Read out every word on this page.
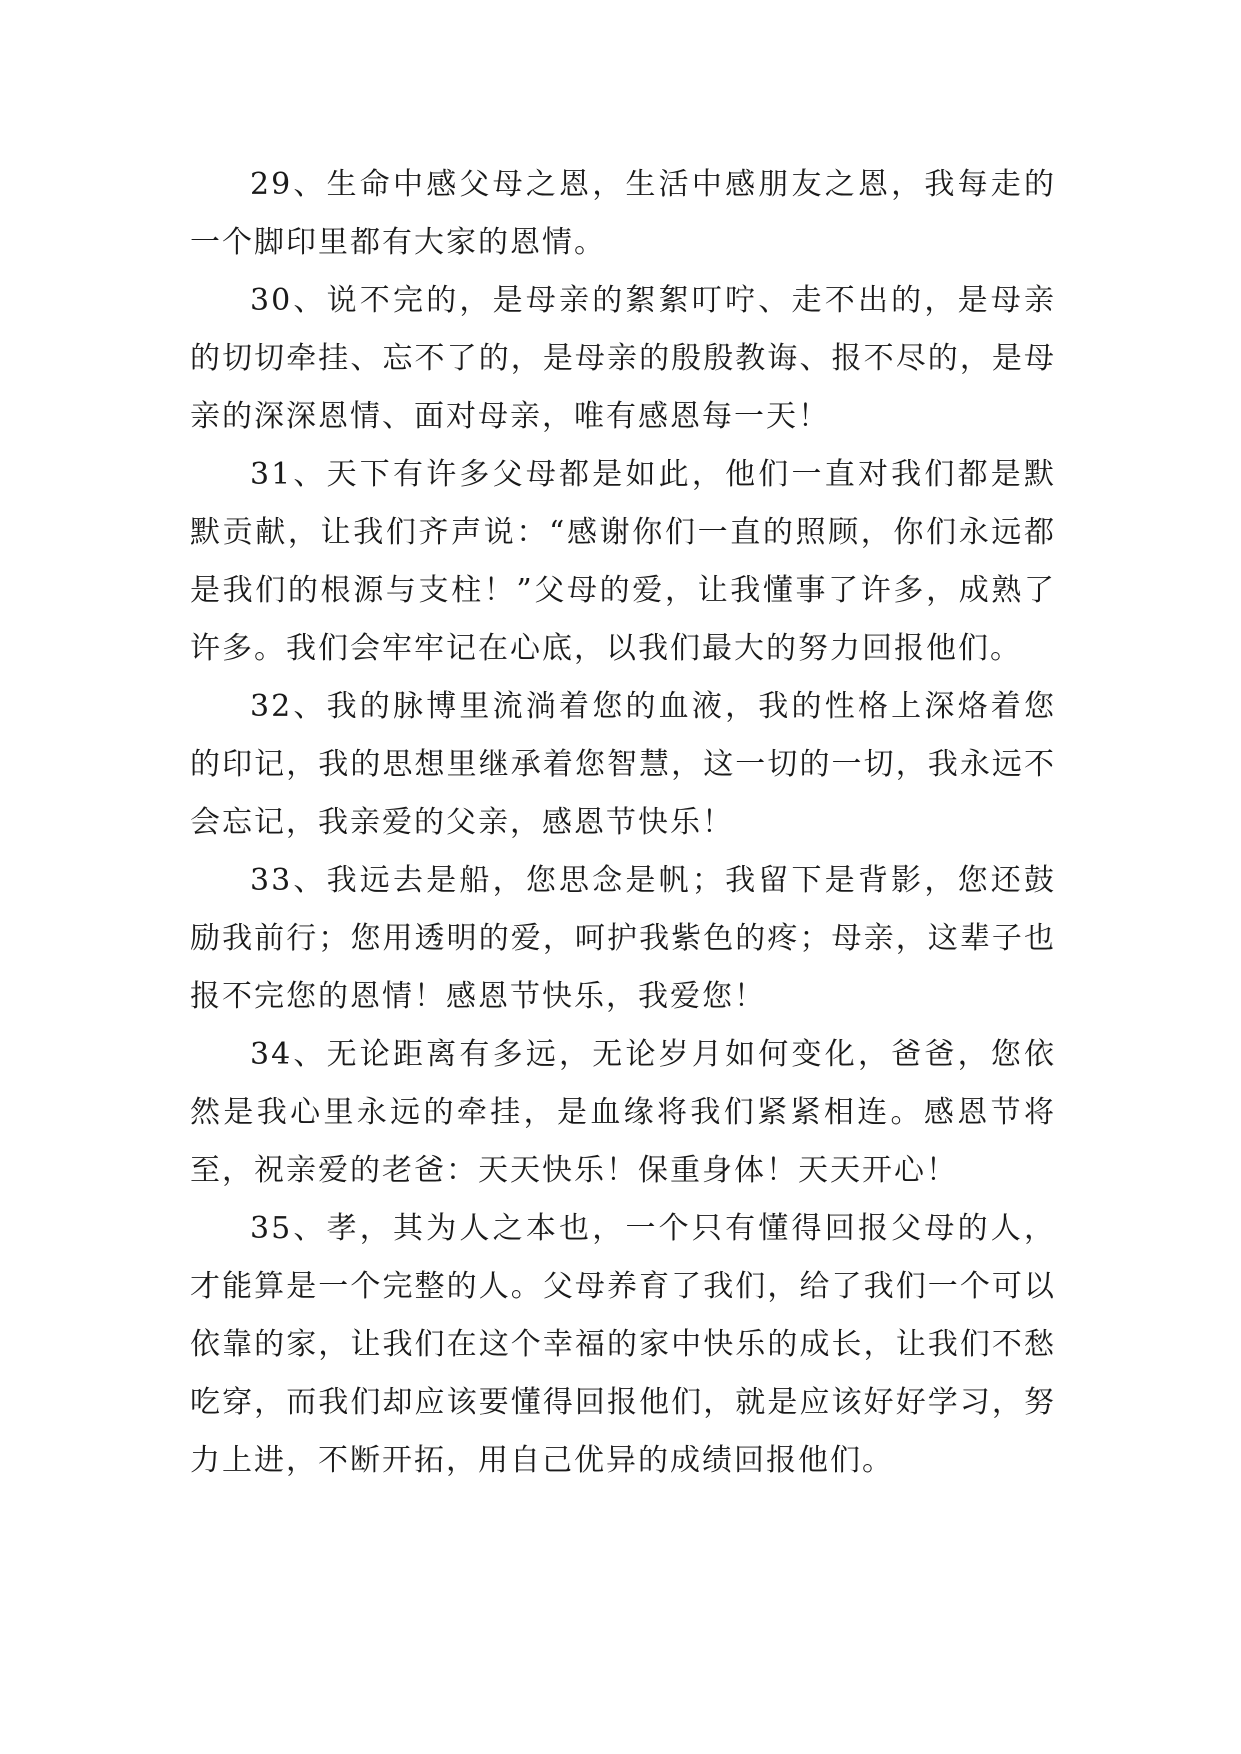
29、生命中感父母之恩，生活中感朋友之恩，我每走的一个脚印里都有大家的恩情。

30、说不完的，是母亲的絮絮叮咛、走不出的，是母亲的切切牵挂、忘不了的，是母亲的殷殷教诲、报不尽的，是母亲的深深恩情、面对母亲，唯有感恩每一天！

31、天下有许多父母都是如此，他们一直对我们都是默默贡献，让我们齐声说：“感谢你们一直的照顾，你们永远都是我们的根源与支柱！”父母的爱，让我懂事了许多，成熟了许多。我们会牢牢记在心底，以我们最大的努力回报他们。

32、我的脉博里流淌着您的血液，我的性格上深烙着您的印记，我的思想里继承着您智慧，这一切的一切，我永远不会忘记，我亲爱的父亲，感恩节快乐！

33、我远去是船，您思念是帆；我留下是背影，您还鼓励我前行；您用透明的爱，呵护我紫色的疼；母亲，这辈子也报不完您的恩情！感恩节快乐，我爱您！

34、无论距离有多远，无论岁月如何变化，爸爸，您依然是我心里永远的牵挂，是血缘将我们紧紧相连。感恩节将至，祝亲爱的老爸：天天快乐！保重身体！天天开心！

35、孝，其为人之本也，一个只有懂得回报父母的人，才能算是一个完整的人。父母养育了我们，给了我们一个可以依靠的家，让我们在这个幸福的家中快乐的成长，让我们不愁吃穿，而我们却应该要懂得回报他们，就是应该好好学习，努力上进，不断开拓，用自己优异的成绩回报他们。
